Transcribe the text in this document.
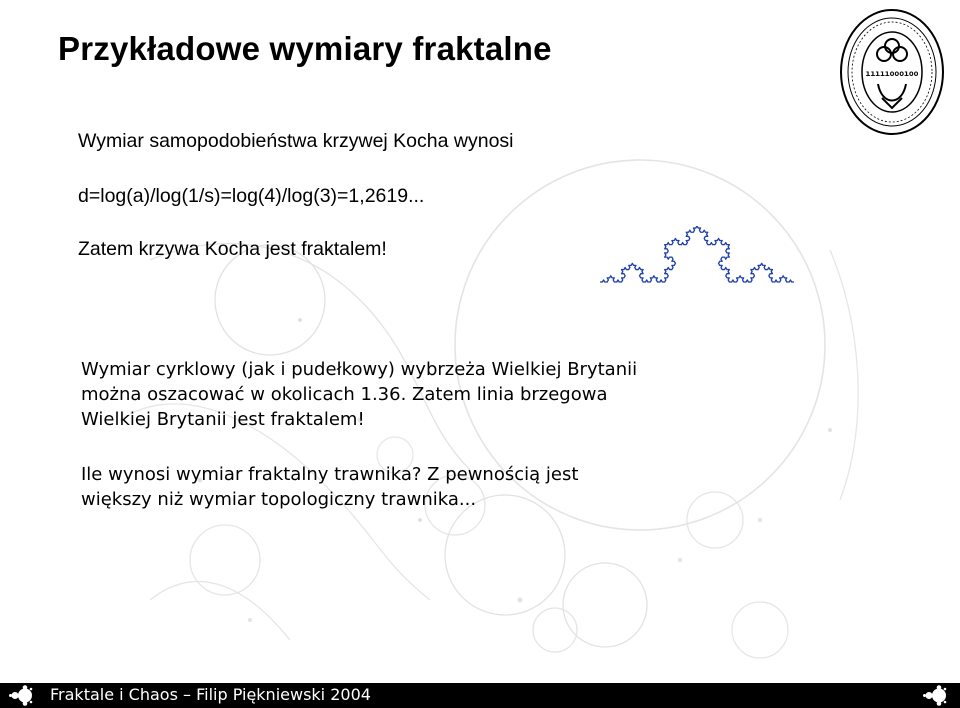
Przykładowe wymiary fraktalne
ıııııoooıoo
Wymiar samopodobieństwa krzywej Kocha wynosi
d=log(a)/log(1/s)=log(4)/log(3)=1,2619...
Zatem krzywa Kocha jest fraktalem!
Wymiar cyrklowy (jak i pudełkowy) wybrzeża Wielkiej Brytanii
można oszacować w okolicach 1.36. Zatem linia brzegowa
Wielkiej Brytanii jest fraktalem!
Ile wynosi wymiar fraktalny trawnika? Z pewnością jest
większy niż wymiar topologiczny trawnika...
Fraktale i Chaos – Filip Piękniewski 2004
